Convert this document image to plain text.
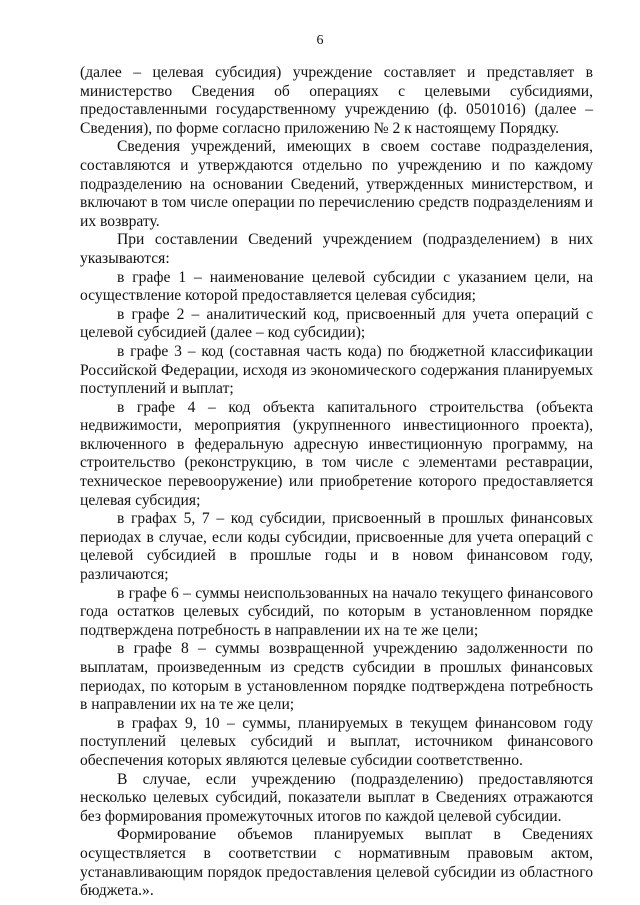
6

(далее – целевая субсидия) учреждение составляет и представляет в министерство Сведения об операциях с целевыми субсидиями, предоставленными государственному учреждению (ф. 0501016) (далее – Сведения), по форме согласно приложению № 2 к настоящему Порядку.

Сведения учреждений, имеющих в своем составе подразделения, составляются и утверждаются отдельно по учреждению и по каждому подразделению на основании Сведений, утвержденных министерством, и включают в том числе операции по перечислению средств подразделениям и их возврату.

При составлении Сведений учреждением (подразделением) в них указываются:

в графе 1 – наименование целевой субсидии с указанием цели, на осуществление которой предоставляется целевая субсидия;

в графе 2 – аналитический код, присвоенный для учета операций с целевой субсидией (далее – код субсидии);

в графе 3 – код (составная часть кода) по бюджетной классификации Российской Федерации, исходя из экономического содержания планируемых поступлений и выплат;

в графе 4 – код объекта капитального строительства (объекта недвижимости, мероприятия (укрупненного инвестиционного проекта), включенного в федеральную адресную инвестиционную программу, на строительство (реконструкцию, в том числе с элементами реставрации, техническое перевооружение) или приобретение которого предоставляется целевая субсидия;

в графах 5, 7 – код субсидии, присвоенный в прошлых финансовых периодах в случае, если коды субсидии, присвоенные для учета операций с целевой субсидией в прошлые годы и в новом финансовом году, различаются;

в графе 6 – суммы неиспользованных на начало текущего финансового года остатков целевых субсидий, по которым в установленном порядке подтверждена потребность в направлении их на те же цели;

в графе 8 – суммы возвращенной учреждению задолженности по выплатам, произведенным из средств субсидии в прошлых финансовых периодах, по которым в установленном порядке подтверждена потребность в направлении их на те же цели;

в графах 9, 10 – суммы, планируемых в текущем финансовом году поступлений целевых субсидий и выплат, источником финансового обеспечения которых являются целевые субсидии соответственно.

В случае, если учреждению (подразделению) предоставляются несколько целевых субсидий, показатели выплат в Сведениях отражаются без формирования промежуточных итогов по каждой целевой субсидии.

Формирование объемов планируемых выплат в Сведениях осуществляется в соответствии с нормативным правовым актом, устанавливающим порядок предоставления целевой субсидии из областного бюджета.».
